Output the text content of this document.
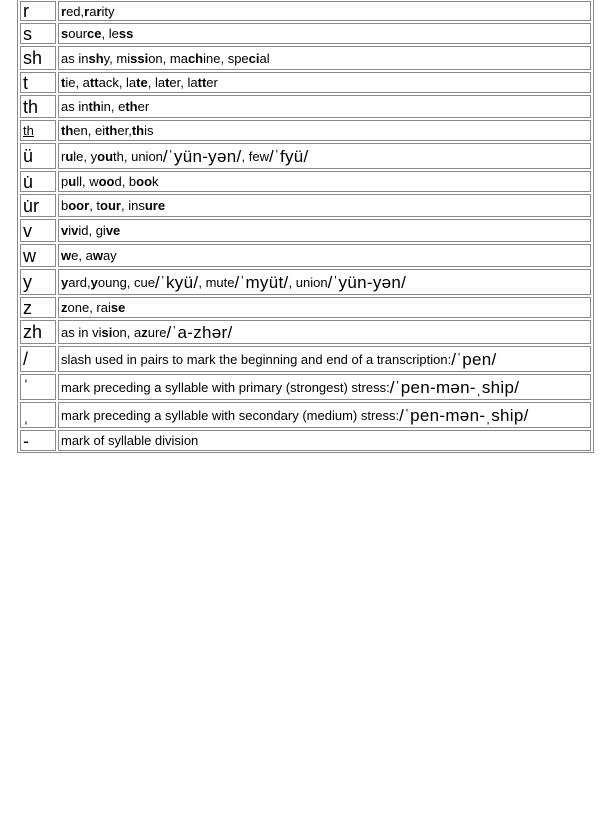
r	r ed, r a r ity
s	s our ce , le ss
sh	as in sh y, mi ssi on, ma ch ine, spe ci al
t	t ie, a tt ack, la te , la t er, la tt er
th	as in th in, e th er
th	th en, ei th er, th is
ü	r u le, y ou th, union /ˈyün-yən/ , few /ˈfyü/
u̇	p u ll, w oo d, b oo k
u̇r	b oor , t our , ins ure
v	v i v id, gi ve
w	w e, a w ay
y	y ard, y oung, cue /ˈkyü/ , mute /ˈmyüt/ , union /ˈyün-yən/
z	z one, rai se
zh	as in vi si on, a z ure /ˈa-zhər/
/	slash used in pairs to mark the beginning and end of a transcription: /ˈpen/
ˈ	mark preceding a syllable with primary (strongest) stress: /ˈpen-mən-ˌship/
ˌ	mark preceding a syllable with secondary (medium) stress: /ˈpen-mən-ˌship/
-	mark of syllable division
